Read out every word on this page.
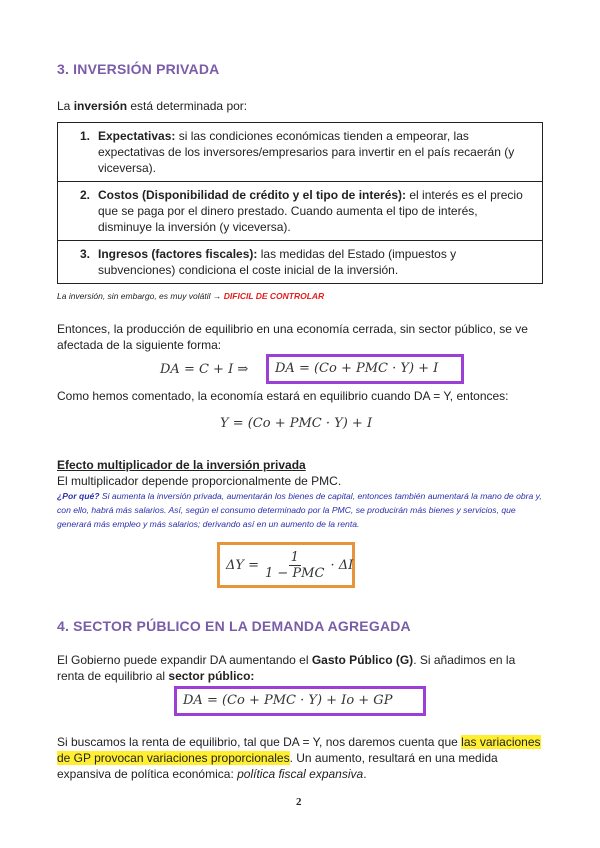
3. INVERSIÓN PRIVADA
La inversión está determinada por:
1. Expectativas: si las condiciones económicas tienden a empeorar, las expectativas de los inversores/empresarios para invertir en el país recaerán (y viceversa).
2. Costos (Disponibilidad de crédito y el tipo de interés): el interés es el precio que se paga por el dinero prestado. Cuando aumenta el tipo de interés, disminuye la inversión (y viceversa).
3. Ingresos (factores fiscales): las medidas del Estado (impuestos y subvenciones) condiciona el coste inicial de la inversión.
La inversión, sin embargo, es muy volátil → DIFICIL DE CONTROLAR
Entonces, la producción de equilibrio en una economía cerrada, sin sector público, se ve afectada de la siguiente forma:
DA = C + I ⇒ DA = (Co + PMC · Y) + I
Como hemos comentado, la economía estará en equilibrio cuando DA = Y, entonces:
Y = (Co + PMC · Y) + I
Efecto multiplicador de la inversión privada
El multiplicador depende proporcionalmente de PMC.
¿Por qué? Si aumenta la inversión privada, aumentarán los bienes de capital, entonces también aumentará la mano de obra y, con ello, habrá más salarios. Así, según el consumo determinado por la PMC, se producirán más bienes y servicios, que generará más empleo y más salarios; derivando así en un aumento de la renta.
$\Delta Y = \frac{1}{\text{1 − PMC}} \cdot \Delta I$
4. SECTOR PÚBLICO EN LA DEMANDA AGREGADA
El Gobierno puede expandir DA aumentando el Gasto Público (G). Si añadimos en la renta de equilibrio al sector público:
DA = (Co + PMC · Y) + Io + GP
Si buscamos la renta de equilibrio, tal que DA = Y, nos daremos cuenta que las variaciones de GP provocan variaciones proporcionales. Un aumento, resultará en una medida expansiva de política económica: política fiscal expansiva.
2
